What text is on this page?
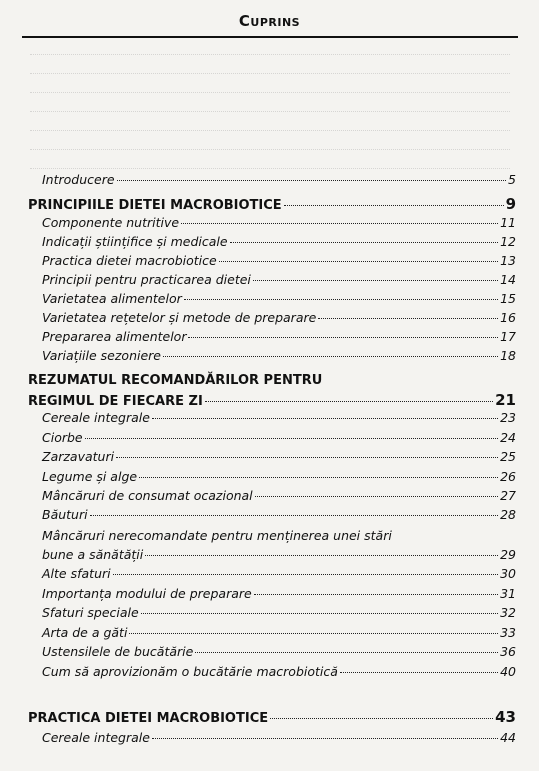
Cuprins
Introducere	5
PRINCIPIILE DIETEI MACROBIOTICE	9
Componente nutritive	11
Indicații științifice și medicale	12
Practica dietei macrobiotice	13
Principii pentru practicarea dietei	14
Varietatea alimentelor	15
Varietatea rețetelor și metode de preparare	16
Prepararea alimentelor	17
Variațiile sezoniere	18
REZUMATUL RECOMANDĂRILOR PENTRU
REGIMUL DE FIECARE ZI	21
Cereale integrale	23
Ciorbe	24
Zarzavaturi	25
Legume și alge	26
Mâncăruri de consumat ocazional	27
Băuturi	28
Mâncăruri nerecomandate pentru menținerea unei stări
bune a sănătății	29
Alte sfaturi	30
Importanța modului de preparare	31
Sfaturi speciale	32
Arta de a găti	33
Ustensilele de bucătărie	36
Cum să aprovizionăm o bucătărie macrobiotică	40
PRACTICA DIETEI MACROBIOTICE	43
Cereale integrale	44
